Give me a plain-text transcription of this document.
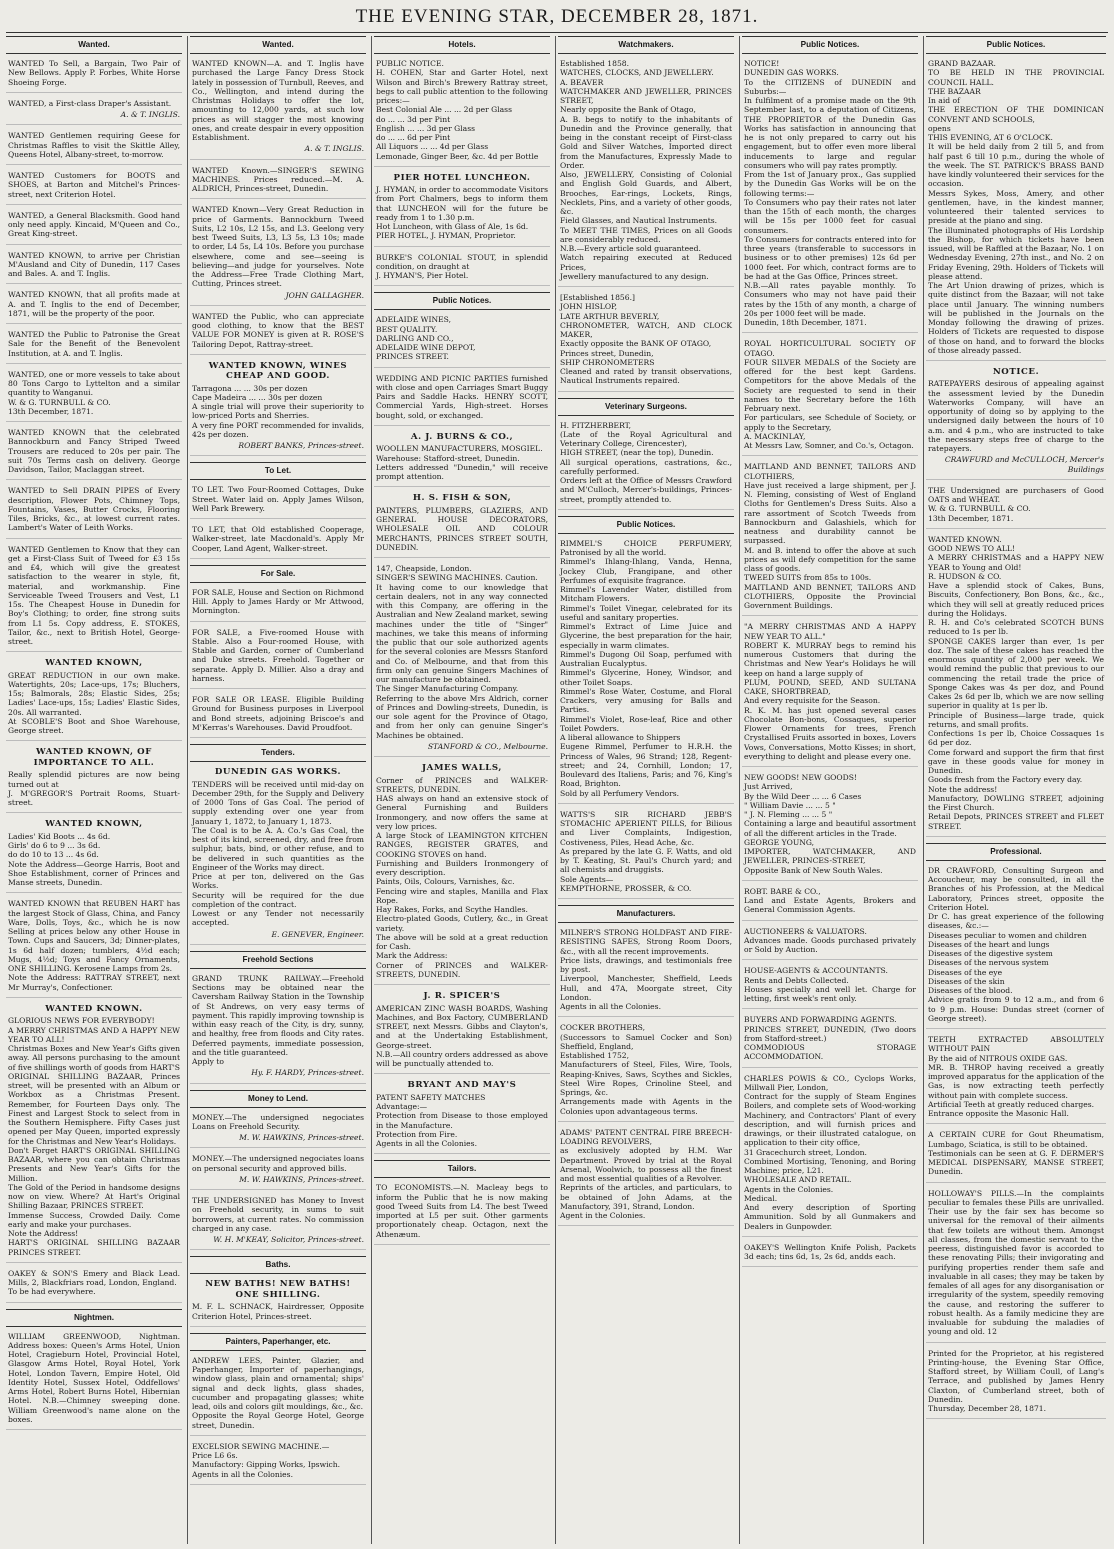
THE EVENING STAR, DECEMBER 28, 1871.
Wanted.
WANTED To Sell, a Bargain, Two Pair of New Bellows. Apply P. Forbes, White Horse Shoeing Forge.
WANTED, a First-class Draper's Assistant.
A. & T. INGLIS.
WANTED Gentlemen requiring Geese for Christmas Raffles to visit the Skittle Alley, Queens Hotel, Albany-street, to-morrow.
WANTED Customers for BOOTS and SHOES, at Barton and Mitchel's Princes-street, next Criterion Hotel.
WANTED, a General Blacksmith. Good hand only need apply. Kincaid, M'Queen and Co., Great King-street.
WANTED KNOWN, to arrive per Christian M'Ausland and City of Dunedin, 117 Cases and Bales. A. and T. Inglis.
WANTED KNOWN, that all profits made at A. and T. Inglis to the end of December, 1871, will be the property of the poor.
WANTED the Public to Patronise the Great Sale for the Benefit of the Benevolent Institution, at A. and T. Inglis.
WANTED, one or more vessels to take about 80 Tons Cargo to Lyttelton and a similar quantity to Wanganui.
W. & G. TURNBULL & CO.
13th December, 1871.
WANTED KNOWN that the celebrated Bannockburn and Fancy Striped Tweed Trousers are reduced to 20s per pair. The suit 70s Terms cash on delivery. George Davidson, Tailor, Maclaggan street.
WANTED to Sell DRAIN PIPES of Every description, Flower Pots, Chimney Tops, Fountains, Vases, Butter Crocks, Flooring Tiles, Bricks, &c., at lowest current rates. Lambert's Water of Leith Works.
WANTED Gentlemen to Know that they can get a First-Class Suit of Tweed for £3 15s and £4, which will give the greatest satisfaction to the wearer in style, fit, material, and workmanship. Fine Serviceable Tweed Trousers and Vest, L1 15s. The Cheapest House in Dunedin for Boy's Clothing; to order, fine strong suits from L1 5s. Copy address, E. STOKES, Tailor, &c., next to British Hotel, George-street.
WANTED KNOWN,
GREAT REDUCTION in our own make. Watertights, 20s; Lace-ups, 17s; Bluchers, 15s; Balmorals, 28s; Elastic Sides, 25s; Ladies' Lace-ups, 15s; Ladies' Elastic Sides, 20s. All warranted.
At SCOBLE'S Boot and Shoe Warehouse, George street.
WANTED KNOWN, OF IMPORTANCE TO ALL.
Really splendid pictures are now being turned out at
J. M'GREGOR'S Portrait Rooms, Stuart-street.
WANTED KNOWN,
Ladies' Kid Boots ... 4s 6d.
Girls' do 6 to 9 ... 3s 6d.
do do 10 to 13 ... 4s 6d.
Note the Address—George Harris, Boot and Shoe Establishment, corner of Princes and Manse streets, Dunedin.
WANTED KNOWN that REUBEN HART has the largest Stock of Glass, China, and Fancy Ware, Dolls, Toys, &c., which he is now Selling at prices below any other House in Town. Cups and Saucers, 3d; Dinner-plates, 1s 6d half dozen; tumblers, 4½d each; Mugs, 4½d; Toys and Fancy Ornaments, ONE SHILLING. Kerosene Lamps from 2s.
Note the Address: RATTRAY STREET, next Mr Murray's, Confectioner.
WANTED KNOWN.
GLORIOUS NEWS FOR EVERYBODY!
A MERRY CHRISTMAS AND A HAPPY NEW YEAR TO ALL!
Christmas Boxes and New Year's Gifts given away. All persons purchasing to the amount of five shillings worth of goods from HART'S ORIGINAL SHILLING BAZAAR, Princes street, will be presented with an Album or Workbox as a Christmas Present. Remember, for Fourteen Days only. The Finest and Largest Stock to select from in the Southern Hemisphere. Fifty Cases just opened per May Queen, imported expressly for the Christmas and New Year's Holidays.
Don't Forget HART'S ORIGINAL SHILLING BAZAAR, where you can obtain Christmas Presents and New Year's Gifts for the Million.
The Gold of the Period in handsome designs now on view. Where? At Hart's Original Shilling Bazaar, PRINCES STREET.
Immense Success, Crowded Daily. Come early and make your purchases.
Note the Address!
HART'S ORIGINAL SHILLING BAZAAR PRINCES STREET.
OAKEY & SON'S Emery and Black Lead. Mills, 2, Blackfriars road, London, England.
To be had everywhere.
Nightmen.
WILLIAM GREENWOOD, Nightman. Address boxes: Queen's Arms Hotel, Union Hotel, Cragieburn Hotel, Provincial Hotel, Glasgow Arms Hotel, Royal Hotel, York Hotel, London Tavern, Empire Hotel, Old Identity Hotel, Sussex Hotel, Oddfellows' Arms Hotel, Robert Burns Hotel, Hibernian Hotel. N.B.—Chimney sweeping done. William Greenwood's name alone on the boxes.
Wanted.
WANTED KNOWN—A. and T. Inglis have purchased the Large Fancy Dress Stock lately in possession of Turnbull, Reeves, and Co., Wellington, and intend during the Christmas Holidays to offer the lot, amounting to 12,000 yards, at such low prices as will stagger the most knowing ones, and create despair in every opposition Establishment.
A. & T. INGLIS.
WANTED Known.—SINGER'S SEWING MACHINES. Prices reduced.—M. A. ALDRICH, Princes-street, Dunedin.
WANTED Known—Very Great Reduction in price of Garments. Bannockburn Tweed Suits, L2 10s, L2 15s, and L3. Geelong very best Tweed Suits, L3, L3 5s, L3 10s; made to order, L4 5s, L4 10s. Before you purchase elsewhere, come and see—seeing is believing—and judge for yourselves. Note the Address—Free Trade Clothing Mart, Cutting, Princes street.
JOHN GALLAGHER.
WANTED the Public, who can appreciate good clothing, to know that the BEST VALUE FOR MONEY is given at R. ROSE'S Tailoring Depot, Rattray-street.
WANTED KNOWN, WINES CHEAP AND GOOD.
Tarragona ... ... 30s per dozen
Cape Madeira ... ... 30s per dozen
A single trial will prove their superiority to low-priced Ports and Sherries.
A very fine PORT recommended for invalids, 42s per dozen.
ROBERT BANKS, Princes-street.
To Let.
TO LET. Two Four-Roomed Cottages, Duke Street. Water laid on. Apply James Wilson, Well Park Brewery.
TO LET, that Old established Cooperage, Walker-street, late Macdonald's. Apply Mr Cooper, Land Agent, Walker-street.
For Sale.
FOR SALE, House and Section on Richmond Hill. Apply to James Hardy or Mr Attwood, Mornington.
FOR SALE, a Five-roomed House with Stable. Also a Four-roomed House, with Stable and Garden, corner of Cumberland and Duke streets. Freehold. Together or separate. Apply D. Millier. Also a dray and harness.
FOR SALE OR LEASE. Eligible Building Ground for Business purposes in Liverpool and Bond streets, adjoining Briscoe's and M'Kerras's Warehouses. David Proudfoot.
Tenders.
DUNEDIN GAS WORKS.
TENDERS will be received until mid-day on December 29th, for the Supply and Delivery of 2000 Tons of Gas Coal. The period of supply extending over one year from January 1, 1872, to January 1, 1873.
The Coal is to be A. A. Co.'s Gas Coal, the best of its kind, screened, dry, and free from sulphur, bats, bind, or other refuse, and to be delivered in such quantities as the Engineer of the Works may direct.
Price at per ton, delivered on the Gas Works.
Security will be required for the due completion of the contract.
Lowest or any Tender not necessarily accepted.
E. GENEVER, Engineer.
Freehold Sections
GRAND TRUNK RAILWAY.—Freehold Sections may be obtained near the Caversham Railway Station in the Township of St Andrews, on very easy terms of payment. This rapidly improving township is within easy reach of the City, is dry, sunny, and healthy, free from floods and City rates. Deferred payments, immediate possession, and the title guaranteed.
Apply to
Hy. F. HARDY, Princes-street.
Money to Lend.
MONEY.—The undersigned negociates Loans on Freehold Security.
M. W. HAWKINS, Princes-street.
MONEY.—The undersigned negociates loans on personal security and approved bills.
M. W. HAWKINS, Princes-street.
THE UNDERSIGNED has Money to Invest on Freehold security, in sums to suit borrowers, at current rates. No commission charged in any case.
W. H. M'KEAY, Solicitor, Princes-street.
Baths.
NEW BATHS! NEW BATHS! ONE SHILLING.
M. F. L. SCHNACK, Hairdresser, Opposite Criterion Hotel, Princes-street.
Painters, Paperhanger, etc.
ANDREW LEES, Painter, Glazier, and Paperhanger, Importer of paperhangings, window glass, plain and ornamental; ships' signal and deck lights, glass shades, cucumber and propagating glasses; white lead, oils and colors gilt mouldings, &c., &c.
Opposite the Royal George Hotel, George street, Dunedin.
EXCELSIOR SEWING MACHINE.—
Price L6 6s.
Manufactory: Gipping Works, Ipswich.
Agents in all the Colonies.
Hotels.
PUBLIC NOTICE.
H. COHEN, Star and Garter Hotel, next Wilson and Birch's Brewery Rattray street, begs to call public attention to the following prices:—
Best Colonial Ale ... ... 2d per Glass
do ... ... 3d per Pint
English ... ... 3d per Glass
do ... ... 6d per Pint
All Liquors ... ... 4d per Glass
Lemonade, Ginger Beer, &c. 4d per Bottle
PIER HOTEL LUNCHEON.
J. HYMAN, in order to accommodate Visitors from Port Chalmers, begs to inform them that LUNCHEON will for the future be ready from 1 to 1.30 p.m.
Hot Luncheon, with Glass of Ale, 1s 6d.
PIER HOTEL, J. HYMAN, Proprietor.
BURKE'S COLONIAL STOUT, in splendid condition, on draught at
J. HYMAN'S, Pier Hotel.
Public Notices.
ADELAIDE WINES,
BEST QUALITY.
DARLING AND CO.,
ADELAIDE WINE DEPOT,
PRINCES STREET.
WEDDING AND PICNIC PARTIES furnished with close and open Carriages Smart Buggy Pairs and Saddle Hacks. HENRY SCOTT, Commercial Yards, High-street. Horses bought, sold, or exchanged.
A. J. BURNS & CO.,
WOOLLEN MANUFACTURERS, MOSGIEL.
Warehouse: Stafford-street, Dunedin.
Letters addressed "Dunedin," will receive prompt attention.
H. S. FISH & SON,
PAINTERS, PLUMBERS, GLAZIERS, AND GENERAL HOUSE DECORATORS, WHOLESALE OIL AND COLOUR MERCHANTS, PRINCES STREET SOUTH, DUNEDIN.
147, Cheapside, London.
SINGER'S SEWING MACHINES. Caution.
It having come to our knowledge that certain dealers, not in any way connected with this Company, are offering in the Australian and New Zealand market, sewing machines under the title of "Singer" machines, we take this means of informing the public that our sole authorized agents for the several colonies are Messrs Stanford and Co. of Melbourne, and that from this firm only can genuine Singers Machines of our manufacture be obtained.
The Singer Manufacturing Company.
Referring to the above Mrs Aldrich, corner of Princes and Dowling-streets, Dunedin, is our sole agent for the Province of Otago, and from her only can genuine Singer's Machines be obtained.
STANFORD & CO., Melbourne.
JAMES WALLS,
Corner of PRINCES and WALKER-STREETS, DUNEDIN.
HAS always on hand an extensive stock of General Furnishing and Builders Ironmongery, and now offers the same at very low prices.
A large Stock of LEAMINGTON KITCHEN RANGES, REGISTER GRATES, and COOKING STOVES on hand.
Furnishing and Builders Ironmongery of every description.
Paints, Oils, Colours, Varnishes, &c.
Fencing wire and staples, Manilla and Flax Rope.
Hay Rakes, Forks, and Scythe Handles.
Electro-plated Goods, Cutlery, &c., in Great variety.
The above will be sold at a great reduction for Cash.
Mark the Address:
Corner of PRINCES and WALKER-STREETS, DUNEDIN.
J. R. SPICER'S
AMERICAN ZINC WASH BOARDS, Washing Machines, and Box Factory, CUMBERLAND STREET, next Messrs. Gibbs and Clayton's, and at the Undertaking Establishment, George-street.
N.B.—All country orders addressed as above will be punctually attended to.
BRYANT AND MAY'S
PATENT SAFETY MATCHES
Advantage:—
Protection from Disease to those employed in the Manufacture.
Protection from Fire.
Agents in all the Colonies.
Tailors.
TO ECONOMISTS.—N. Macleay begs to inform the Public that he is now making good Tweed Suits from L4. The best Tweed imported at L5 per suit. Other garments proportionately cheap. Octagon, next the Athenæum.
Watchmakers.
Established 1858.
WATCHES, CLOCKS, AND JEWELLERY.
A. BEAVER
WATCHMAKER AND JEWELLER, PRINCES STREET,
Nearly opposite the Bank of Otago,
A. B. begs to notify to the inhabitants of Dunedin and the Province generally, that being in the constant receipt of First-class Gold and Silver Watches, Imported direct from the Manufactures, Expressly Made to Order.
Also, JEWELLERY, Consisting of Colonial and English Gold Guards, and Albert, Brooches, Ear-rings, Lockets, Rings, Necklets, Pins, and a variety of other goods, &c.
Field Glasses, and Nautical Instruments.
To MEET THE TIMES, Prices on all Goods are considerably reduced.
N.B.—Every article sold guaranteed.
Watch repairing executed at Reduced Prices,
Jewellery manufactured to any design.
[Established 1856.]
JOHN HISLOP,
LATE ARTHUR BEVERLY,
CHRONOMETER, WATCH, AND CLOCK MAKER,
Exactly opposite the BANK OF OTAGO,
Princes street, Dunedin,
SHIP CHRONOMETERS
Cleaned and rated by transit observations, Nautical Instruments repaired.
Veterinary Surgeons.
H. FITZHERBERT,
(Late of the Royal Agricultural and Veterinary College, Cirencester),
HIGH STREET, (near the top), Dunedin.
All surgical operations, castrations, &c., carefully performed.
Orders left at the Office of Messrs Crawford and M'Culloch, Mercer's-buildings, Princes-street, promptly attended to.
Public Notices.
RIMMEL'S CHOICE PERFUMERY, Patronised by all the world.
Rimmel's Ihlang-Ihlang, Vanda, Henna, Jockey Club, Frangipane, and other Perfumes of exquisite fragrance.
Rimmel's Lavender Water, distilled from Mitcham Flowers.
Rimmel's Toilet Vinegar, celebrated for its useful and sanitary properties.
Rimmel's Extract of Lime Juice and Glycerine, the best preparation for the hair, especially in warm climates.
Rimmel's Dugong Oil Soap, perfumed with Australian Eucalyptus.
Rimmel's Glycerine, Honey, Windsor, and other Toilet Soaps.
Rimmel's Rose Water, Costume, and Floral Crackers, very amusing for Balls and Parties.
Rimmel's Violet, Rose-leaf, Rice and other Toilet Powders.
A liberal allowance to Shippers
Eugene Rimmel, Perfumer to H.R.H. the Princess of Wales, 96 Strand; 128, Regent-street; and 24, Cornhill, London; 17, Boulevard des Italiens, Paris; and 76, King's Road, Brighton.
Sold by all Perfumery Vendors.
WATTS'S SIR RICHARD JEBB'S STOMACHIC APERIENT PILLS, for Bilious and Liver Complaints, Indigestion, Costiveness, Piles, Head Ache, &c.
As prepared by the late G. F. Watts, and old by T. Keating, St. Paul's Church yard; and all chemists and druggists.
Sole Agents—
KEMPTHORNE, PROSSER, & CO.
Manufacturers.
MILNER'S STRONG HOLDFAST AND FIRE-RESISTING SAFES, Strong Room Doors, &c., with all the recent improvements.
Price lists, drawings, and testimonials free by post.
Liverpool, Manchester, Sheffield, Leeds Hull, and 47A, Moorgate street, City London.
Agents in all the Colonies.
COCKER BROTHERS,
(Successors to Samuel Cocker and Son) Sheffield, England,
Established 1752,
Manufacturers of Steel, Files, Wire, Tools, Reaping-Knives, Saws, Scythes and Sickles, Steel Wire Ropes, Crinoline Steel, and Springs, &c.
Arrangements made with Agents in the Colonies upon advantageous terms.
ADAMS' PATENT CENTRAL FIRE BREECH-LOADING REVOLVERS,
as exclusively adopted by H.M. War Department. Proved by trial at the Royal Arsenal, Woolwich, to possess all the finest and most essential qualities of a Revolver.
Reprints of the articles, and particulars, to be obtained of John Adams, at the Manufactory, 391, Strand, London.
Agent in the Colonies.
Public Notices.
NOTICE!
DUNEDIN GAS WORKS.
To the CITIZENS of DUNEDIN and Suburbs:—
In fulfilment of a promise made on the 9th September last, to a deputation of Citizens, THE PROPRIETOR of the Dunedin Gas Works has satisfaction in announcing that he is not only prepared to carry out his engagement, but to offer even more liberal inducements to large and regular consumers who will pay rates promptly.
From the 1st of January prox., Gas supplied by the Dunedin Gas Works will be on the following terms:—
To Consumers who pay their rates not later than the 15th of each month, the charges will be 15s per 1000 feet for casual consumers.
To Consumers for contracts entered into for three years (transferable to successors in business or to other premises) 12s 6d per 1000 feet. For which, contract forms are to be had at the Gas Office, Princes street.
N.B.—All rates payable monthly. To Consumers who may not have paid their rates by the 15th of any month, a charge of 20s per 1000 feet will be made.
Dunedin, 18th December, 1871.
ROYAL HORTICULTURAL SOCIETY OF OTAGO.
FOUR SILVER MEDALS of the Society are offered for the best kept Gardens. Competitors for the above Medals of the Society are requested to send in their names to the Secretary before the 16th February next.
For particulars, see Schedule of Society, or apply to the Secretary,
A. MACKINLAY,
At Messrs Law, Somner, and Co.'s, Octagon.
MAITLAND AND BENNET, TAILORS AND CLOTHIERS,
Have just received a large shipment, per J. N. Fleming, consisting of West of England Cloths for Gentlemen's Dress Suits. Also a rare assortment of Scotch Tweeds from Bannockburn and Galashiels, which for neatness and durability cannot be surpassed.
M. and B. intend to offer the above at such prices as will defy competition for the same class of goods.
TWEED SUITS from 85s to 100s.
MAITLAND AND BENNET, TAILORS AND CLOTHIERS, Opposite the Provincial Government Buildings.
"A MERRY CHRISTMAS AND A HAPPY NEW YEAR TO ALL."
ROBERT K. MURRAY begs to remind his numerous Customers that during the Christmas and New Year's Holidays he will keep on hand a large supply of
PLUM, POUND, SEED, AND SULTANA CAKE, SHORTBREAD,
And every requisite for the Season.
R. K. M. has just opened several cases Chocolate Bon-bons, Cossaques, superior Flower Ornaments for trees, French Crystallised Fruits assorted in boxes, Lovers Vows, Conversations, Motto Kisses; in short, everything to delight and please every one.
NEW GOODS! NEW GOODS!
Just Arrived,
By the Wild Deer ... ... 6 Cases
" William Davie ... ... 5 "
" J. N. Fleming ... ... 5 "
Containing a large and beautiful assortment of all the different articles in the Trade.
GEORGE YOUNG,
IMPORTER, WATCHMAKER, AND JEWELLER, PRINCES-STREET,
Opposite Bank of New South Wales.
ROBT. BARE & CO.,
Land and Estate Agents, Brokers and General Commission Agents.
AUCTIONEERS & VALUATORS.
Advances made. Goods purchased privately or Sold by Auction.
HOUSE-AGENTS & ACCOUNTANTS.
Rents and Debts Collected.
Houses specially and well let. Charge for letting, first week's rent only.
BUYERS AND FORWARDING AGENTS.
PRINCES STREET, DUNEDIN, (Two doors from Stafford-street.)
COMMODIOUS STORAGE ACCOMMODATION.
CHARLES POWIS & CO., Cyclops Works, Millwall Pier, London,
Contract for the supply of Steam Engines Boilers, and complete sets of Wood-working Machinery, and Contractors' Plant of every description, and will furnish prices and drawings, or their illustrated catalogue, on application to their city office,
31 Gracechurch street, London.
Combined Mortising, Tenoning, and Boring Machine; price, L21.
WHOLESALE AND RETAIL.
Agents in the Colonies.
Medical.
And every description of Sporting Ammunition. Sold by all Gunmakers and Dealers in Gunpowder.
OAKEY'S Wellington Knife Polish, Packets 3d each; tins 6d, 1s, 2s 6d, andds each.
Public Notices.
GRAND BAZAAR.
TO BE HELD IN THE PROVINCIAL COUNCIL HALL.
THE BAZAAR
In aid of
THE ERECTION OF THE DOMINICAN CONVENT AND SCHOOLS,
opens
THIS EVENING, AT 6 O'CLOCK.
It will be held daily from 2 till 5, and from half past 6 till 10 p.m., during the whole of the week. The ST. PATRICK'S BRASS BAND have kindly volunteered their services for the occasion.
Messrs Sykes, Moss, Amery, and other gentlemen, have, in the kindest manner, volunteered their talented services to preside at the piano and sing.
The illuminated photographs of His Lordship the Bishop, for which tickets have been issued, will be Raffled at the Bazaar, No. 1 on Wednesday Evening, 27th inst., and No. 2 on Friday Evening, 29th. Holders of Tickets will please attend.
The Art Union drawing of prizes, which is quite distinct from the Bazaar, will not take place until January. The winning numbers will be published in the Journals on the Monday following the drawing of prizes. Holders of Tickets are requested to dispose of those on hand, and to forward the blocks of those already passed.
NOTICE.
RATEPAYERS desirous of appealing against the assessment levied by the Dunedin Waterworks Company, will have an opportunity of doing so by applying to the undersigned daily between the hours of 10 a.m. and 4 p.m., who are instructed to take the necessary steps free of charge to the ratepayers.
CRAWFURD and McCULLOCH, Mercer's Buildings
THE Undersigned are purchasers of Good OATS and WHEAT.
W. & G. TURNBULL & CO.
13th December, 1871.
WANTED KNOWN.
GOOD NEWS TO ALL!
A MERRY CHRISTMAS and a HAPPY NEW YEAR to Young and Old!
R. HUDSON & CO.
Have a splendid stock of Cakes, Buns, Biscuits, Confectionery, Bon Bons, &c., &c., which they will sell at greatly reduced prices during the Holidays.
R. H. and Co's celebrated SCOTCH BUNS reduced to 1s per lb.
SPONGE CAKES larger than ever, 1s per doz. The sale of these cakes has reached the enormous quantity of 2,000 per week. We would remind the public that previous to our commencing the retail trade the price of Sponge Cakes was 4s per doz, and Pound Cakes 2s 6d per lb, which we are now selling superior in quality at 1s per lb.
Principle of Business—large trade, quick returns, and small profits.
Confections 1s per lb, Choice Cossaques 1s 6d per doz.
Come forward and support the firm that first gave in these goods value for money in Dunedin.
Goods fresh from the Factory every day.
Note the address!
Manufactory, DOWLING STREET, adjoining the First Church.
Retail Depots, PRINCES STREET and FLEET STREET.
Professional.
DR CRAWFORD, Consulting Surgeon and Accoucheur, may be consulted, in all the Branches of his Profession, at the Medical Laboratory, Princes street, opposite the Criterion Hotel.
Dr C. has great experience of the following diseases, &c.:—
Diseases peculiar to women and children
Diseases of the heart and lungs
Diseases of the digestive system
Diseases of the nervous system
Diseases of the eye
Diseases of the skin
Diseases of the blood.
Advice gratis from 9 to 12 a.m., and from 6 to 9 p.m. House: Dundas street (corner of George street).
TEETH EXTRACTED ABSOLUTELY WITHOUT PAIN
By the aid of NITROUS OXIDE GAS.
MR. B. THROP having received a greatly improved apparatus for the application of the Gas, is now extracting teeth perfectly without pain with complete success.
Artificial Teeth at greatly reduced charges.
Entrance opposite the Masonic Hall.
A CERTAIN CURE for Gout Rheumatism, Lumbago, Sciatica, is still to be obtained.
Testimonials can be seen at G. F. DERMER'S MEDICAL DISPENSARY, MANSE STREET, Dunedin.
HOLLOWAY'S PILLS.—In the complaints peculiar to females these Pills are unrivalled. Their use by the fair sex has become so universal for the removal of their ailments that few toilets are without them. Amongst all classes, from the domestic servant to the peeress, distinguished favor is accorded to these renovating Pills; their invigorating and purifying properties render them safe and invaluable in all cases; they may be taken by females of all ages for any disorganisation or irregularity of the system, speedily removing the cause, and restoring the sufferer to robust health. As a family medicine they are invaluable for subduing the maladies of young and old. 12
Printed for the Proprietor, at his registered Printing-house, the Evening Star Office, Stafford street, by William Coull, of Lang's Terrace, and published by James Henry Claxton, of Cumberland street, both of Dunedin.
Thursday, December 28, 1871.
